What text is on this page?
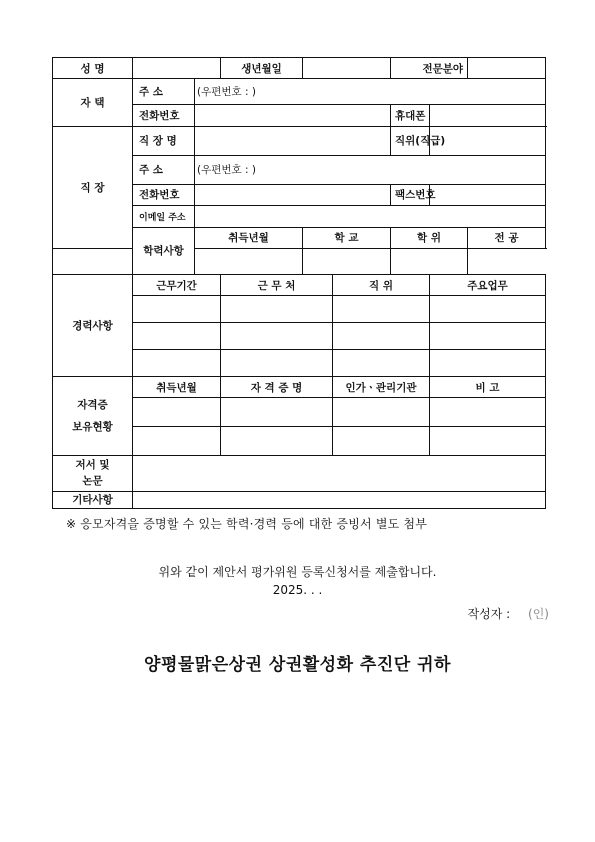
성 명			생년월일			전문분야		
자 택	주 소	(우편번호 : )						
	전화번호					휴대폰		
직 장	직 장 명					직위(직급)		
	주 소	(우편번호 : )						
	전화번호					팩스번호		
	이메일 주소							
	학력사항	취득년월		학 교		학 위		전 공

경력사항	근무기간		근 무 처		직 위		주요업무	

자격증
보유현황	취득년월		자 격 증 명		인가ㆍ관리기관		비 고	

저서 및
논문								
기타사항								
※ 응모자격을 증명할 수 있는 학력·경력 등에 대한 증빙서 별도 첨부
위와 같이 제안서 평가위원 등록신청서를 제출합니다.
2025. . .
작성자 : (인)
양평물맑은상권 상권활성화 추진단 귀하
